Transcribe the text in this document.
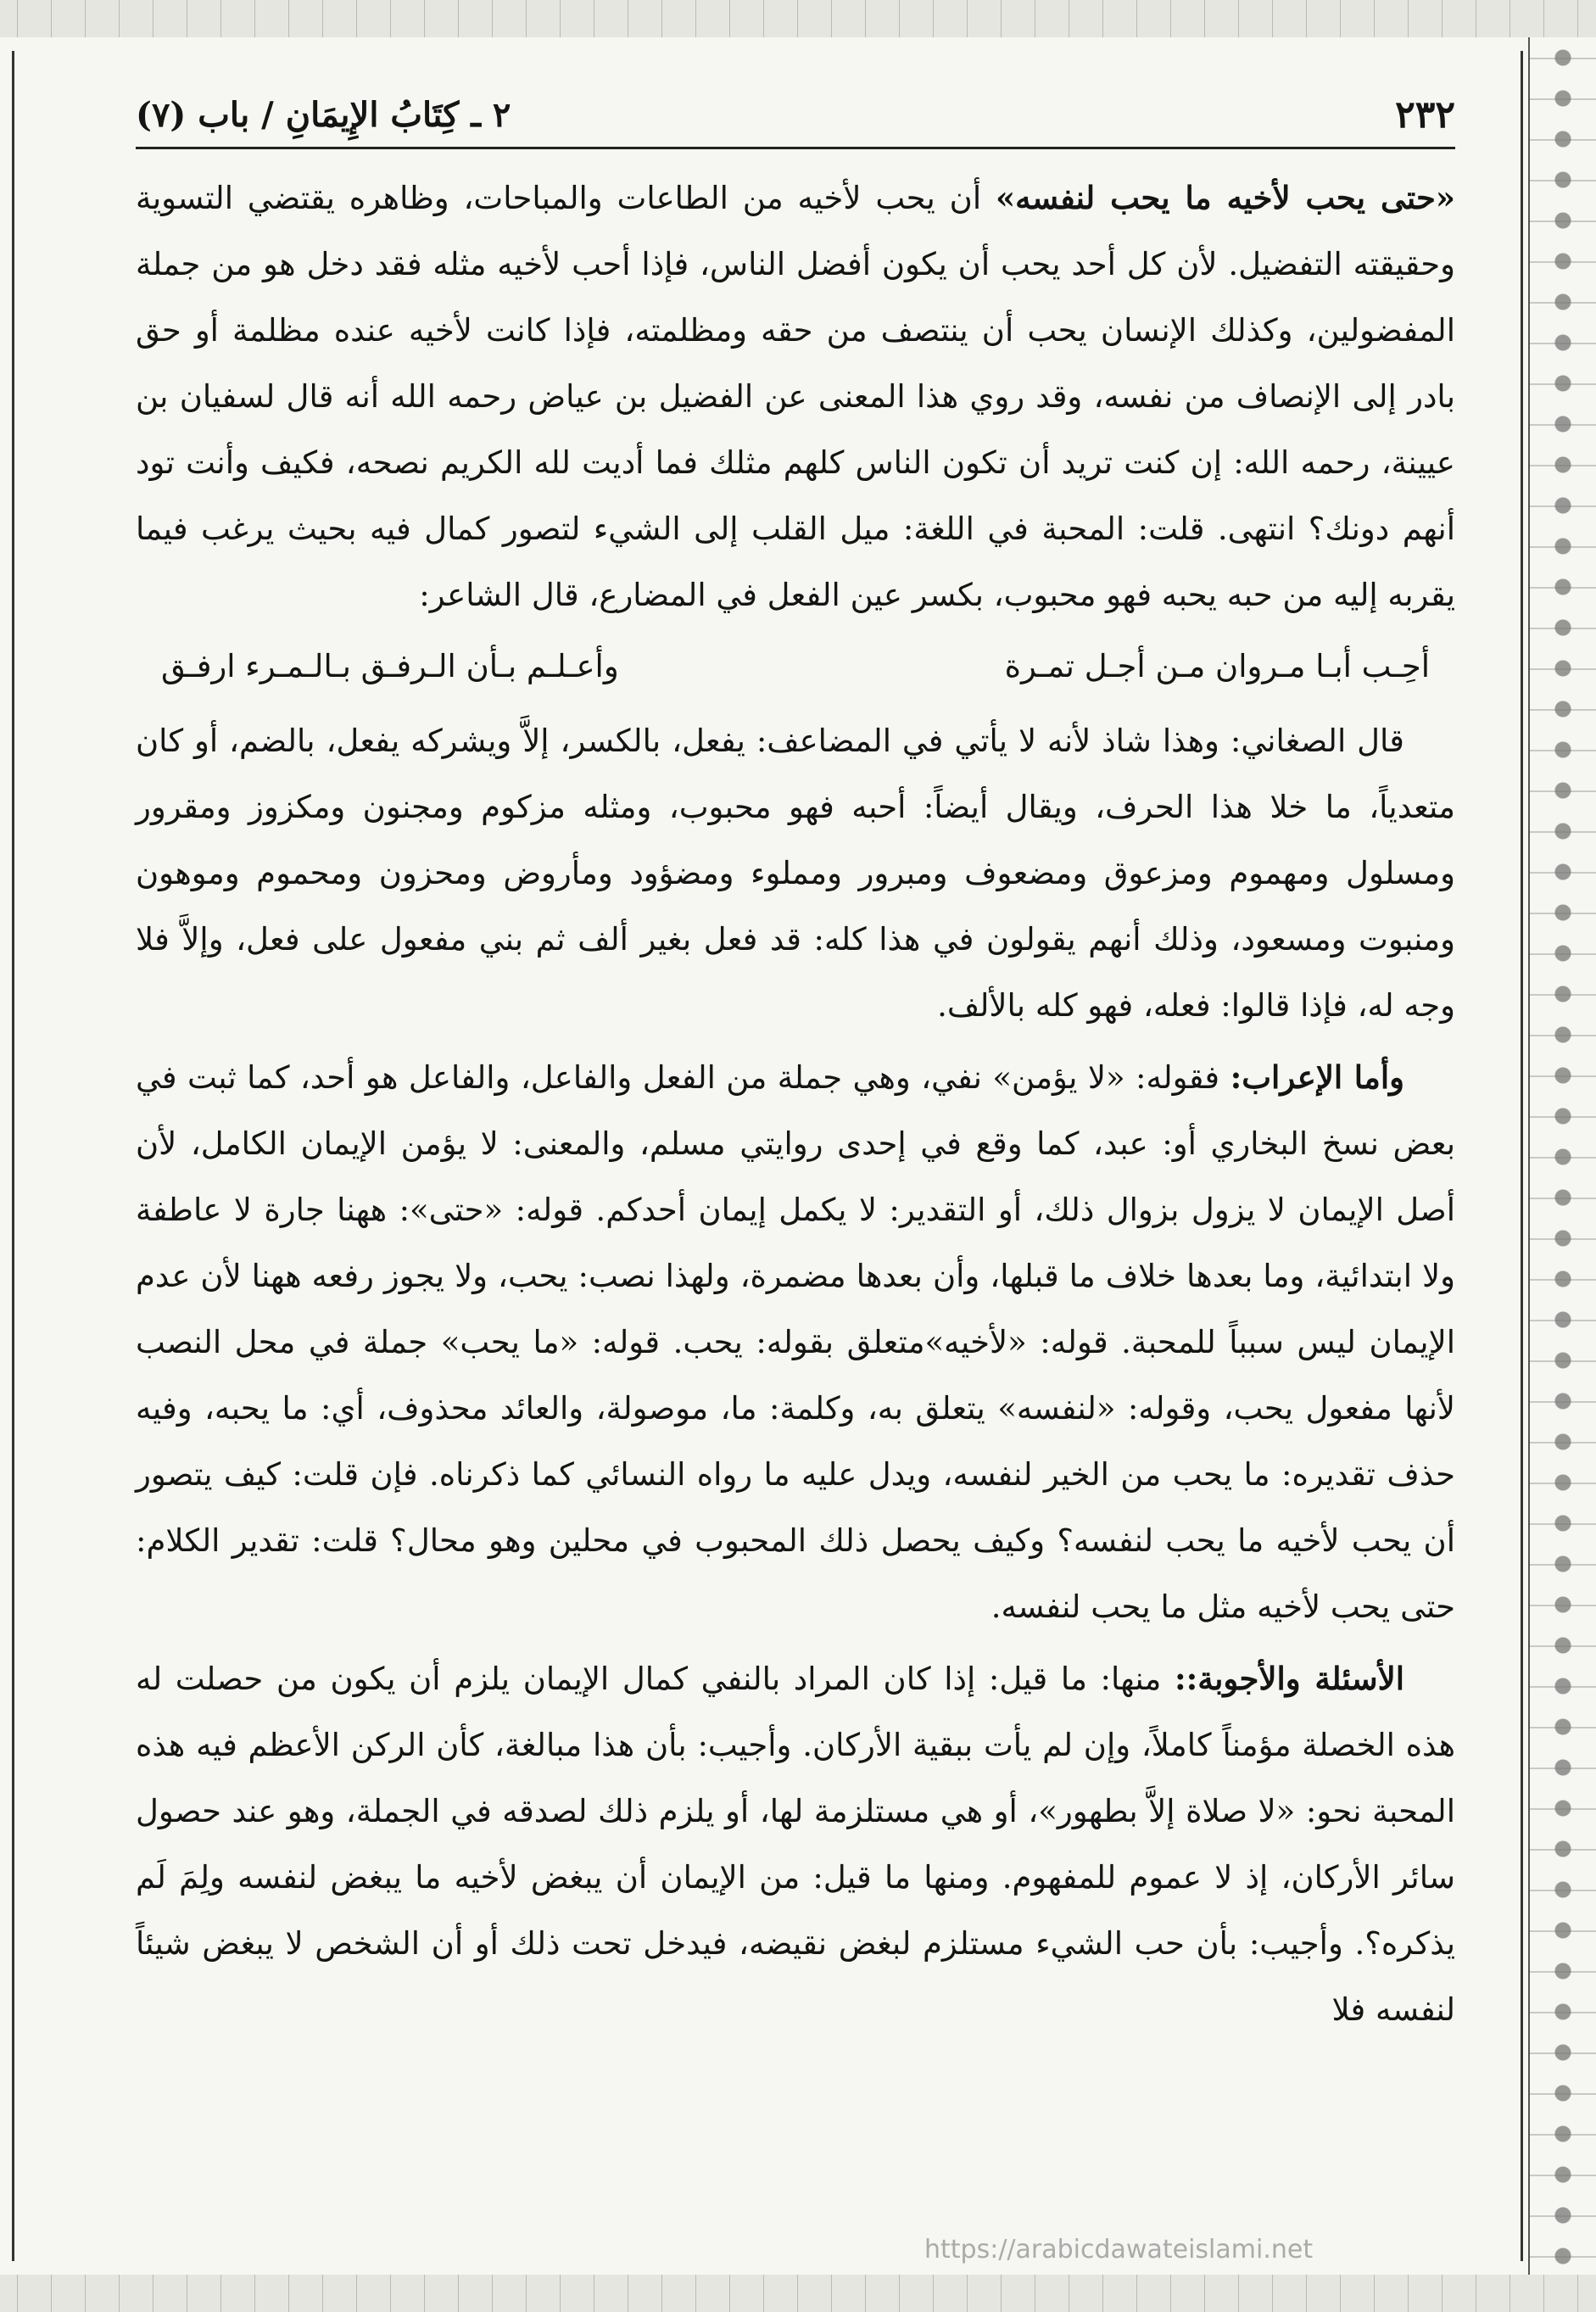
٢٣٢
٢ ـ كِتَابُ الإِيمَانِ / باب (٧)

«حتى يحب لأخيه ما يحب لنفسه» أن يحب لأخيه من الطاعات والمباحات، وظاهره يقتضي التسوية وحقيقته التفضيل. لأن كل أحد يحب أن يكون أفضل الناس، فإذا أحب لأخيه مثله فقد دخل هو من جملة المفضولين، وكذلك الإنسان يحب أن ينتصف من حقه ومظلمته، فإذا كانت لأخيه عنده مظلمة أو حق بادر إلى الإنصاف من نفسه، وقد روي هذا المعنى عن الفضيل بن عياض رحمه الله أنه قال لسفيان بن عيينة، رحمه الله: إن كنت تريد أن تكون الناس كلهم مثلك فما أديت لله الكريم نصحه، فكيف وأنت تود أنهم دونك؟ انتهى. قلت: المحبة في اللغة: ميل القلب إلى الشيء لتصور كمال فيه بحيث يرغب فيما يقربه إليه من حبه يحبه فهو محبوب، بكسر عين الفعل في المضارع، قال الشاعر:

أحِـب أبـا مـروان مـن أجـل تمـرة
وأعـلـم بـأن الـرفـق بـالـمـرء ارفـق

قال الصغاني: وهذا شاذ لأنه لا يأتي في المضاعف: يفعل، بالكسر، إلاَّ ويشركه يفعل، بالضم، أو كان متعدياً، ما خلا هذا الحرف، ويقال أيضاً: أحبه فهو محبوب، ومثله مزكوم ومجنون ومكزوز ومقرور ومسلول ومهموم ومزعوق ومضعوف ومبرور ومملوء ومضؤود ومأروض ومحزون ومحموم وموهون ومنبوت ومسعود، وذلك أنهم يقولون في هذا كله: قد فعل بغير ألف ثم بني مفعول على فعل، وإلاَّ فلا وجه له، فإذا قالوا: فعله، فهو كله بالألف.

وأما الإعراب: فقوله: «لا يؤمن» نفي، وهي جملة من الفعل والفاعل، والفاعل هو أحد، كما ثبت في بعض نسخ البخاري أو: عبد، كما وقع في إحدى روايتي مسلم، والمعنى: لا يؤمن الإيمان الكامل، لأن أصل الإيمان لا يزول بزوال ذلك، أو التقدير: لا يكمل إيمان أحدكم. قوله: «حتى»: ههنا جارة لا عاطفة ولا ابتدائية، وما بعدها خلاف ما قبلها، وأن بعدها مضمرة، ولهذا نصب: يحب، ولا يجوز رفعه ههنا لأن عدم الإيمان ليس سبباً للمحبة. قوله: «لأخيه»متعلق بقوله: يحب. قوله: «ما يحب» جملة في محل النصب لأنها مفعول يحب، وقوله: «لنفسه» يتعلق به، وكلمة: ما، موصولة، والعائد محذوف، أي: ما يحبه، وفيه حذف تقديره: ما يحب من الخير لنفسه، ويدل عليه ما رواه النسائي كما ذكرناه. فإن قلت: كيف يتصور أن يحب لأخيه ما يحب لنفسه؟ وكيف يحصل ذلك المحبوب في محلين وهو محال؟ قلت: تقدير الكلام: حتى يحب لأخيه مثل ما يحب لنفسه.

الأسئلة والأجوبة:: منها: ما قيل: إذا كان المراد بالنفي كمال الإيمان يلزم أن يكون من حصلت له هذه الخصلة مؤمناً كاملاً، وإن لم يأت ببقية الأركان. وأجيب: بأن هذا مبالغة، كأن الركن الأعظم فيه هذه المحبة نحو: «لا صلاة إلاَّ بطهور»، أو هي مستلزمة لها، أو يلزم ذلك لصدقه في الجملة، وهو عند حصول سائر الأركان، إذ لا عموم للمفهوم. ومنها ما قيل: من الإيمان أن يبغض لأخيه ما يبغض لنفسه ولِمَ لَم يذكره؟. وأجيب: بأن حب الشيء مستلزم لبغض نقيضه، فيدخل تحت ذلك أو أن الشخص لا يبغض شيئاً لنفسه فلا

https://arabicdawateislami.net
